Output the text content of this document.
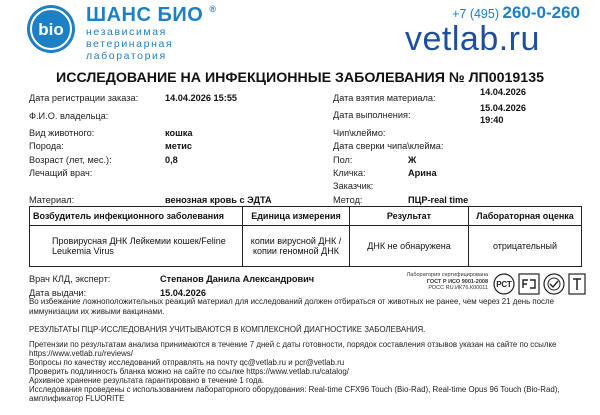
bio
ШАНС БИО ®
независимая
ветеринарная
лаборатория
+7 (495) 260-0-260
vetlab.ru
ИССЛЕДОВАНИЕ НА ИНФЕКЦИОННЫЕ ЗАБОЛЕВАНИЯ № ЛП0019135
Дата регистрации заказа:	14.04.2026 15:55
Ф.И.О. владельца:
Вид животного:	кошка
Порода:	метис
Возраст (лет, мес.):	0,8
Лечащий врач:
Дата взятия материала:
14.04.2026
Дата выполнения:
15.04.2026
19:40
Чип\клеймо:
Дата сверки чипа\клейма:
Пол:	Ж
Кличка:	Арина
Заказчик:
Материал:	венозная кровь с ЭДТА	Метод:	ПЦР-real time
Возбудитель инфекционного заболевания	Единица измерения	Результат	Лабораторная оценка
Провирусная ДНК Лейкемии кошек/Feline Leukemia Virus	копии вирусной ДНК / копии геномной ДНК	ДНК не обнаружена	отрицательный
Врач КЛД, эксперт:	Степанов Данила Александрович
Дата выдачи:	15.04.2026
Лаборатория сертифицирована
ГОСТ Р ИСО 9001-2008
РОСС RU.ИК76.К00011 РСТ
Во избежание ложноположительных реакций материал для исследований должен отбираться от животных не ранее, чем через 21 день после
иммунизации их живыми вакцинами.
РЕЗУЛЬТАТЫ ПЦР-ИССЛЕДОВАНИЯ УЧИТЫВАЮТСЯ В КОМПЛЕКСНОЙ ДИАГНОСТИКЕ ЗАБОЛЕВАНИЯ.
Претензии по результатам анализа принимаются в течение 7 дней с даты готовности, порядок составления отзывов указан на сайте по ссылке
https://www.vetlab.ru/reviews/
Вопросы по качеству исследований отправлять на почту qc@vetlab.ru и pcr@vetlab.ru
Проверить подлинность бланка можно на сайте по ссылке https://www.vetlab.ru/catalog/
Архивное хранение результата гарантировано в течение 1 года.
Исследования проведены с использованием лабораторного оборудования: Real-time CFX96 Touch (Bio-Rad), Real-time Opus 96 Touch (Bio-Rad),
амплификатор FLUORITE
